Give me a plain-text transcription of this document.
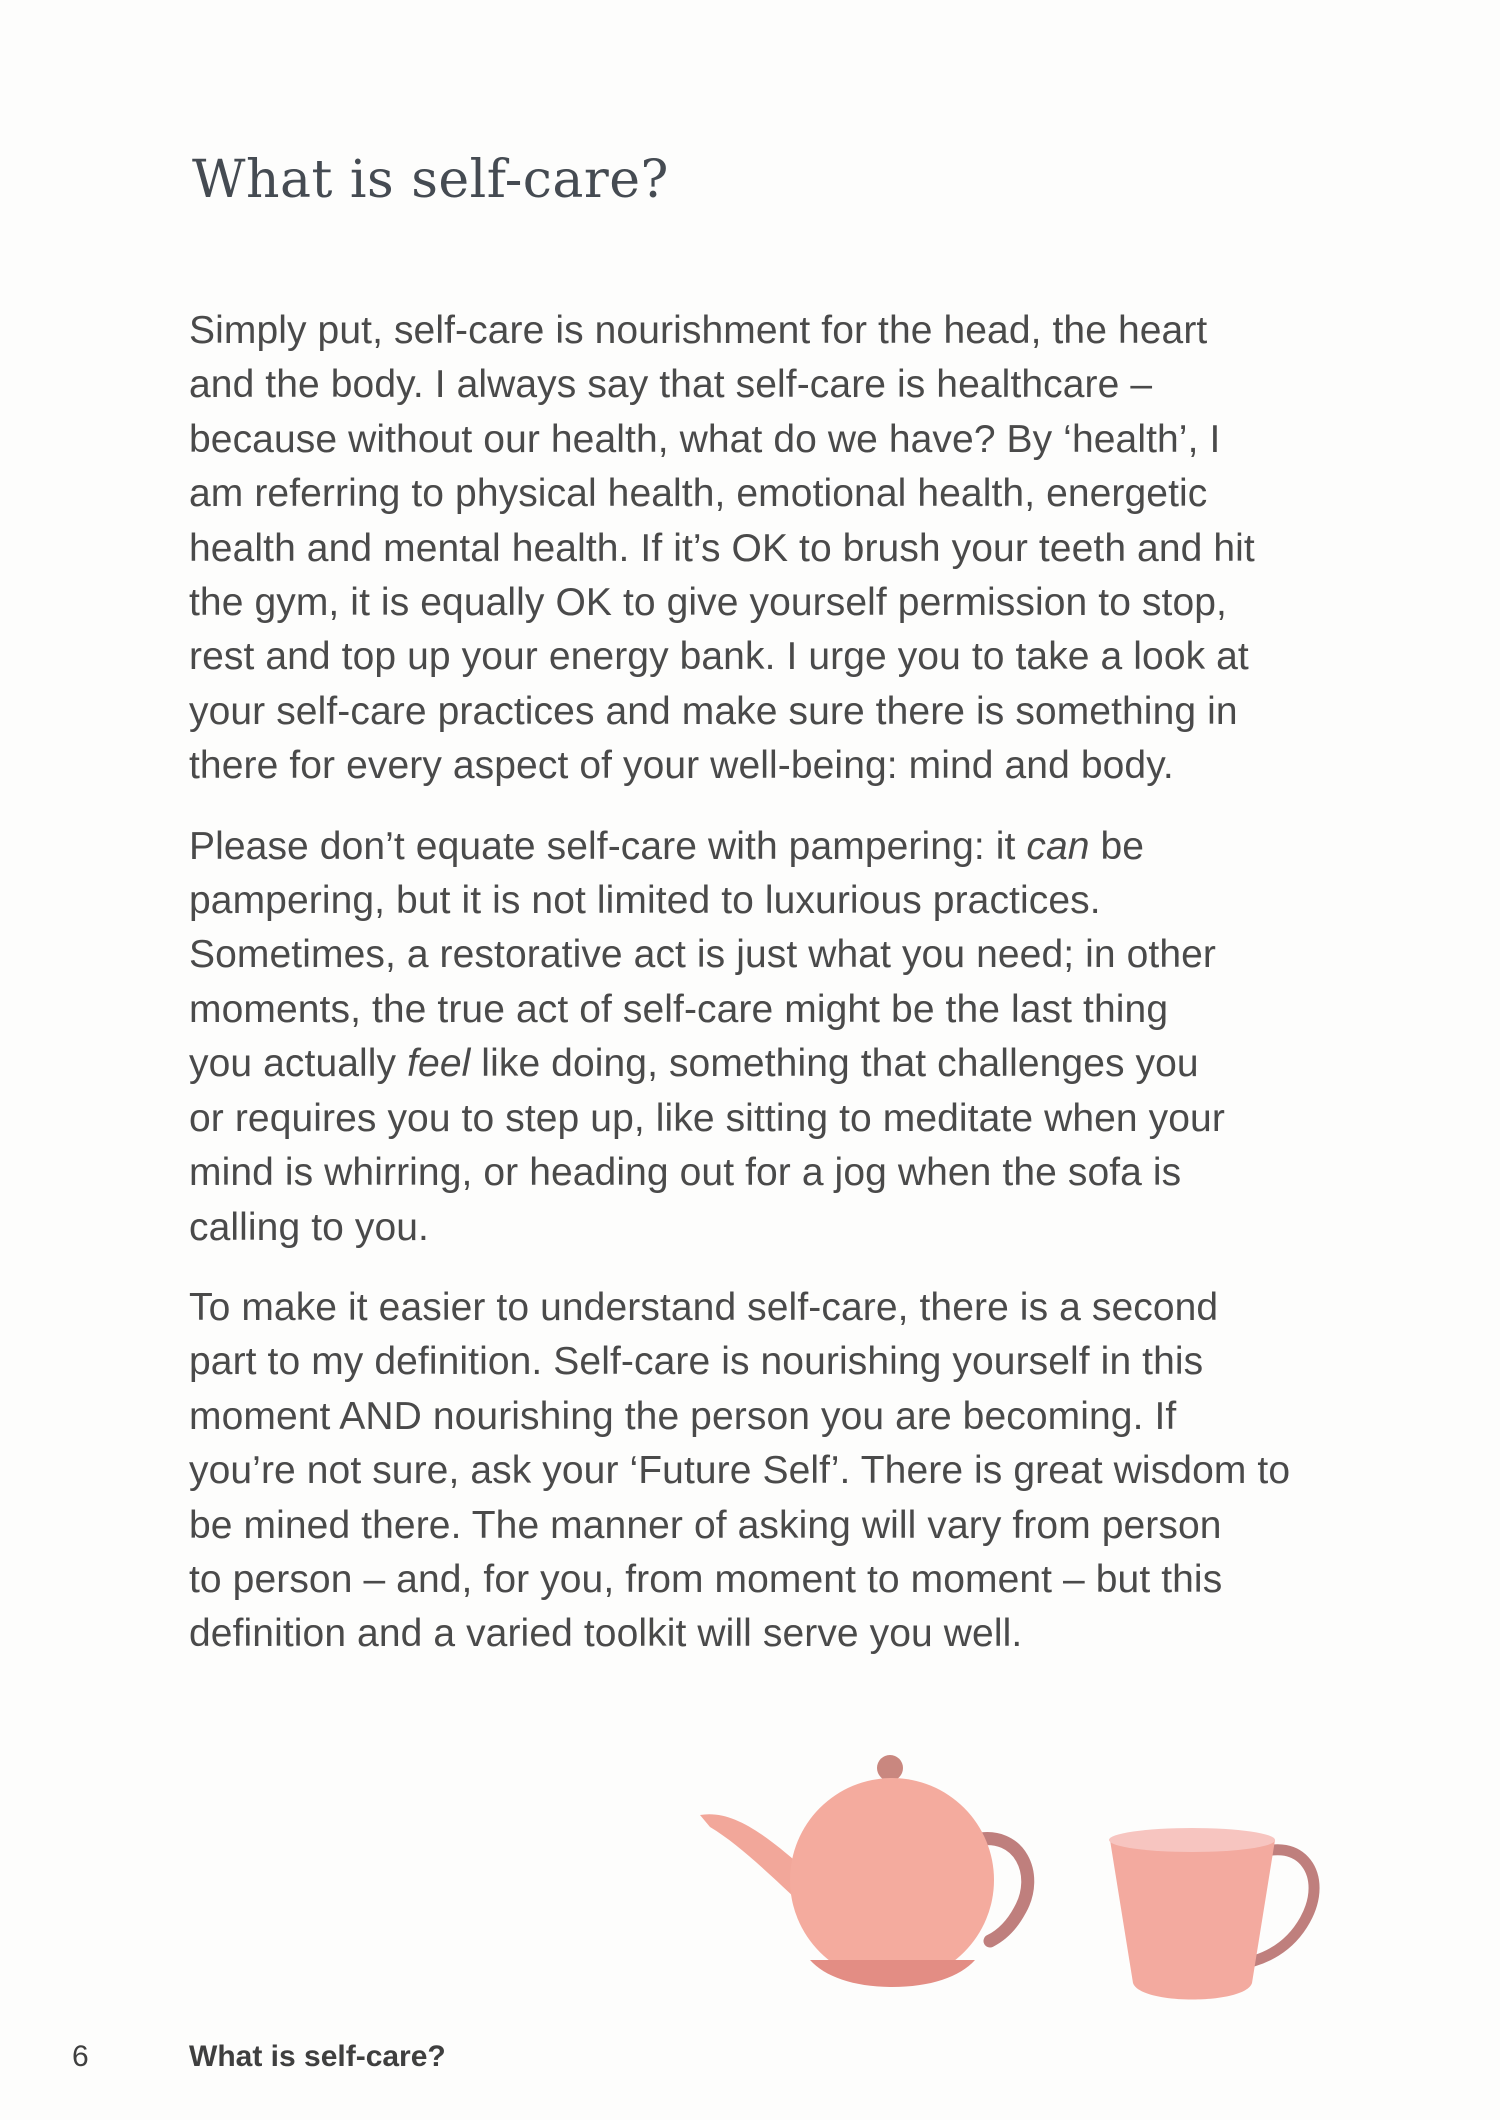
What is self-care?

Simply put, self-care is nourishment for the head, the heart
and the body. I always say that self-care is healthcare –
because without our health, what do we have? By ‘health’, I
am referring to physical health, emotional health, energetic
health and mental health. If it’s OK to brush your teeth and hit
the gym, it is equally OK to give yourself permission to stop,
rest and top up your energy bank. I urge you to take a look at
your self-care practices and make sure there is something in
there for every aspect of your well-being: mind and body.

Please don’t equate self-care with pampering: it can be
pampering, but it is not limited to luxurious practices.
Sometimes, a restorative act is just what you need; in other
moments, the true act of self-care might be the last thing
you actually feel like doing, something that challenges you
or requires you to step up, like sitting to meditate when your
mind is whirring, or heading out for a jog when the sofa is
calling to you.

To make it easier to understand self-care, there is a second
part to my definition. Self-care is nourishing yourself in this
moment AND nourishing the person you are becoming. If
you’re not sure, ask your ‘Future Self’. There is great wisdom to
be mined there. The manner of asking will vary from person
to person – and, for you, from moment to moment – but this
definition and a varied toolkit will serve you well.

6	What is self-care?
